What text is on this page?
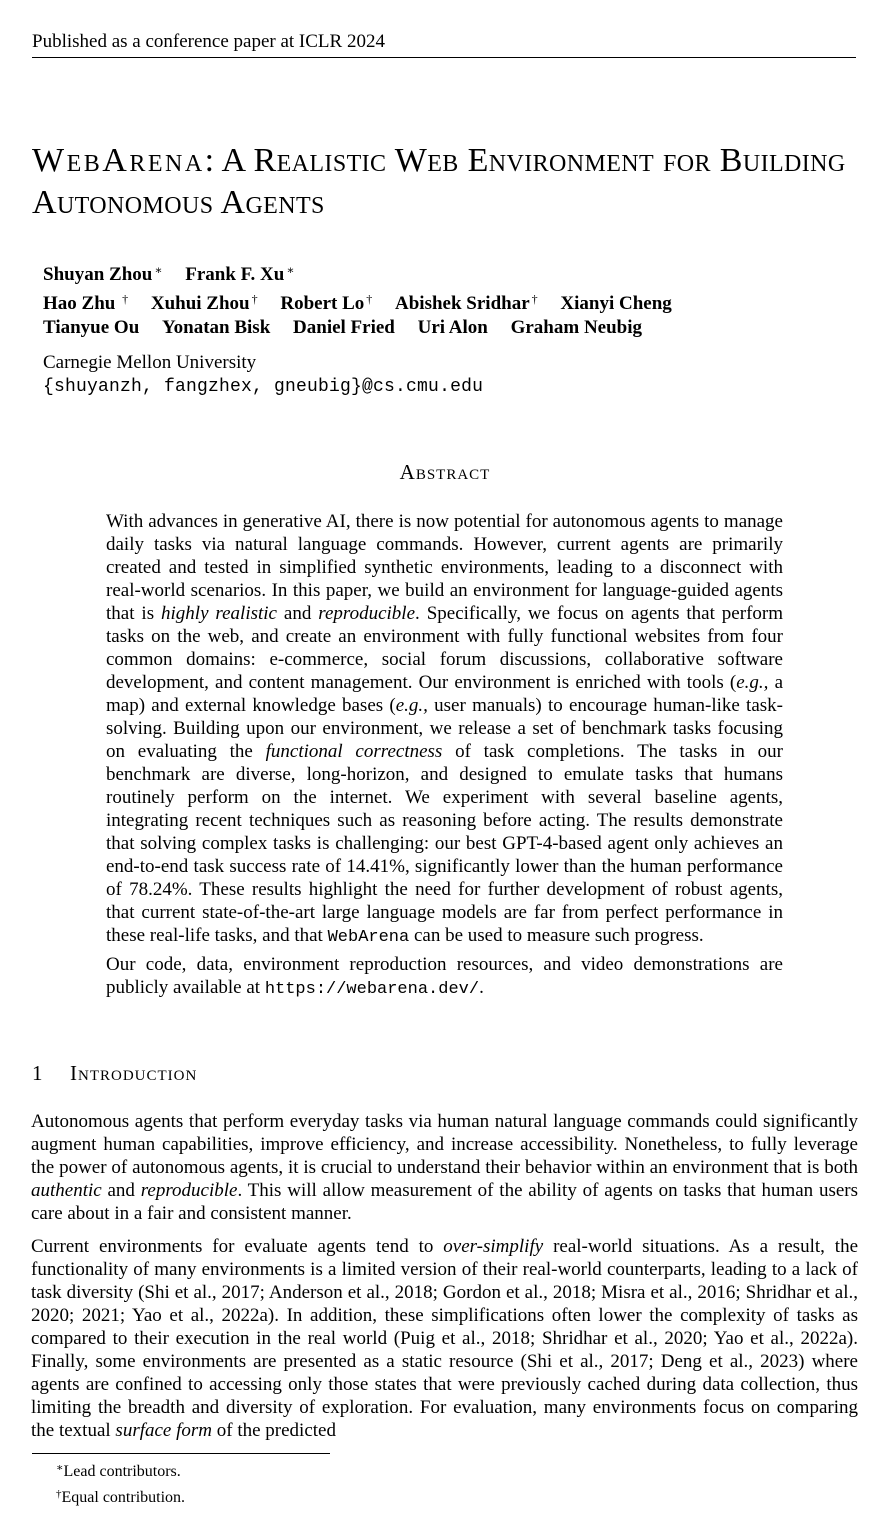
Published as a conference paper at ICLR 2024
WebArena: A Realistic Web Environment for Building Autonomous Agents
Shuyan Zhou ∗ Frank F. Xu ∗
Hao Zhu † Xuhui Zhou † Robert Lo † Abishek Sridhar † Xianyi Cheng
Tianyue Ou Yonatan Bisk Daniel Fried Uri Alon Graham Neubig
Carnegie Mellon University
{shuyanzh, fangzhex, gneubig}@cs.cmu.edu
Abstract

With advances in generative AI, there is now potential for autonomous agents to manage daily tasks via natural language commands. However, current agents are primarily created and tested in simplified synthetic environments, leading to a disconnect with real-world scenarios. In this paper, we build an environment for language-guided agents that is highly realistic and reproducible. Specifically, we focus on agents that perform tasks on the web, and create an environment with fully functional websites from four common domains: e-commerce, social forum discussions, collaborative software development, and content management. Our environment is enriched with tools (e.g., a map) and external knowledge bases (e.g., user manuals) to encourage human-like task-solving. Building upon our environment, we release a set of benchmark tasks focusing on evaluating the functional correctness of task completions. The tasks in our benchmark are diverse, long-horizon, and designed to emulate tasks that humans routinely perform on the internet. We experiment with several baseline agents, integrating recent techniques such as reasoning before acting. The results demonstrate that solving complex tasks is challenging: our best GPT-4-based agent only achieves an end-to-end task success rate of 14.41%, significantly lower than the human performance of 78.24%. These results highlight the need for further development of robust agents, that current state-of-the-art large language models are far from perfect performance in these real-life tasks, and that WebArena can be used to measure such progress.

Our code, data, environment reproduction resources, and video demonstrations are publicly available at https://webarena.dev/.

1 Introduction

Autonomous agents that perform everyday tasks via human natural language commands could significantly augment human capabilities, improve efficiency, and increase accessibility. Nonetheless, to fully leverage the power of autonomous agents, it is crucial to understand their behavior within an environment that is both authentic and reproducible. This will allow measurement of the ability of agents on tasks that human users care about in a fair and consistent manner.

Current environments for evaluate agents tend to over-simplify real-world situations. As a result, the functionality of many environments is a limited version of their real-world counterparts, leading to a lack of task diversity (Shi et al., 2017; Anderson et al., 2018; Gordon et al., 2018; Misra et al., 2016; Shridhar et al., 2020; 2021; Yao et al., 2022a). In addition, these simplifications often lower the complexity of tasks as compared to their execution in the real world (Puig et al., 2018; Shridhar et al., 2020; Yao et al., 2022a). Finally, some environments are presented as a static resource (Shi et al., 2017; Deng et al., 2023) where agents are confined to accessing only those states that were previously cached during data collection, thus limiting the breadth and diversity of exploration. For evaluation, many environments focus on comparing the textual surface form of the predicted

∗Lead contributors.
†Equal contribution.
